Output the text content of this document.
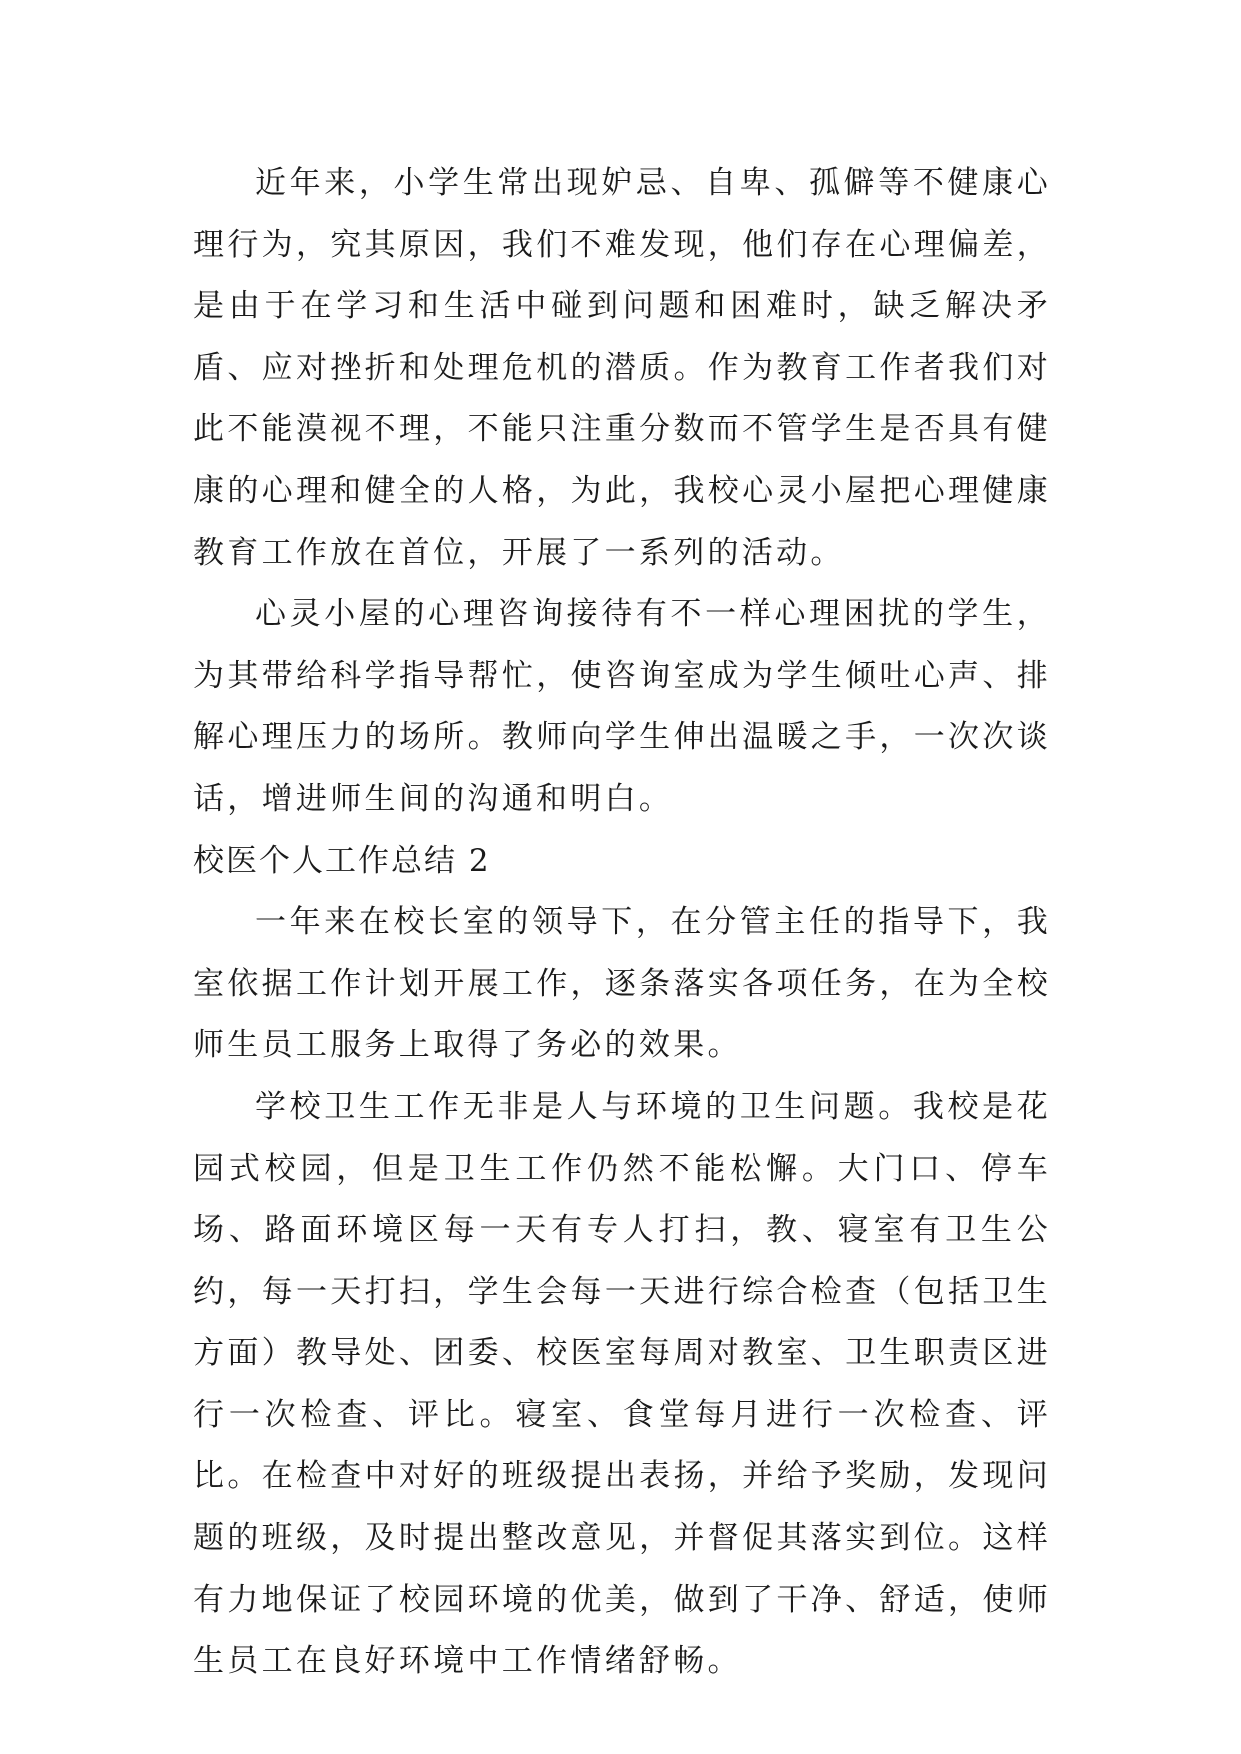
近年来，小学生常出现妒忌、自卑、孤僻等不健康心理行为，究其原因，我们不难发现，他们存在心理偏差，是由于在学习和生活中碰到问题和困难时，缺乏解决矛盾、应对挫折和处理危机的潜质。作为教育工作者我们对此不能漠视不理，不能只注重分数而不管学生是否具有健康的心理和健全的人格，为此，我校心灵小屋把心理健康教育工作放在首位，开展了一系列的活动。

心灵小屋的心理咨询接待有不一样心理困扰的学生，为其带给科学指导帮忙，使咨询室成为学生倾吐心声、排解心理压力的场所。教师向学生伸出温暖之手，一次次谈话，增进师生间的沟通和明白。

校医个人工作总结 2

一年来在校长室的领导下，在分管主任的指导下，我室依据工作计划开展工作，逐条落实各项任务，在为全校师生员工服务上取得了务必的效果。

学校卫生工作无非是人与环境的卫生问题。我校是花园式校园，但是卫生工作仍然不能松懈。大门口、停车场、路面环境区每一天有专人打扫，教、寝室有卫生公约，每一天打扫，学生会每一天进行综合检查（包括卫生方面）教导处、团委、校医室每周对教室、卫生职责区进行一次检查、评比。寝室、食堂每月进行一次检查、评比。在检查中对好的班级提出表扬，并给予奖励，发现问题的班级，及时提出整改意见，并督促其落实到位。这样有力地保证了校园环境的优美，做到了干净、舒适，使师生员工在良好环境中工作情绪舒畅。
